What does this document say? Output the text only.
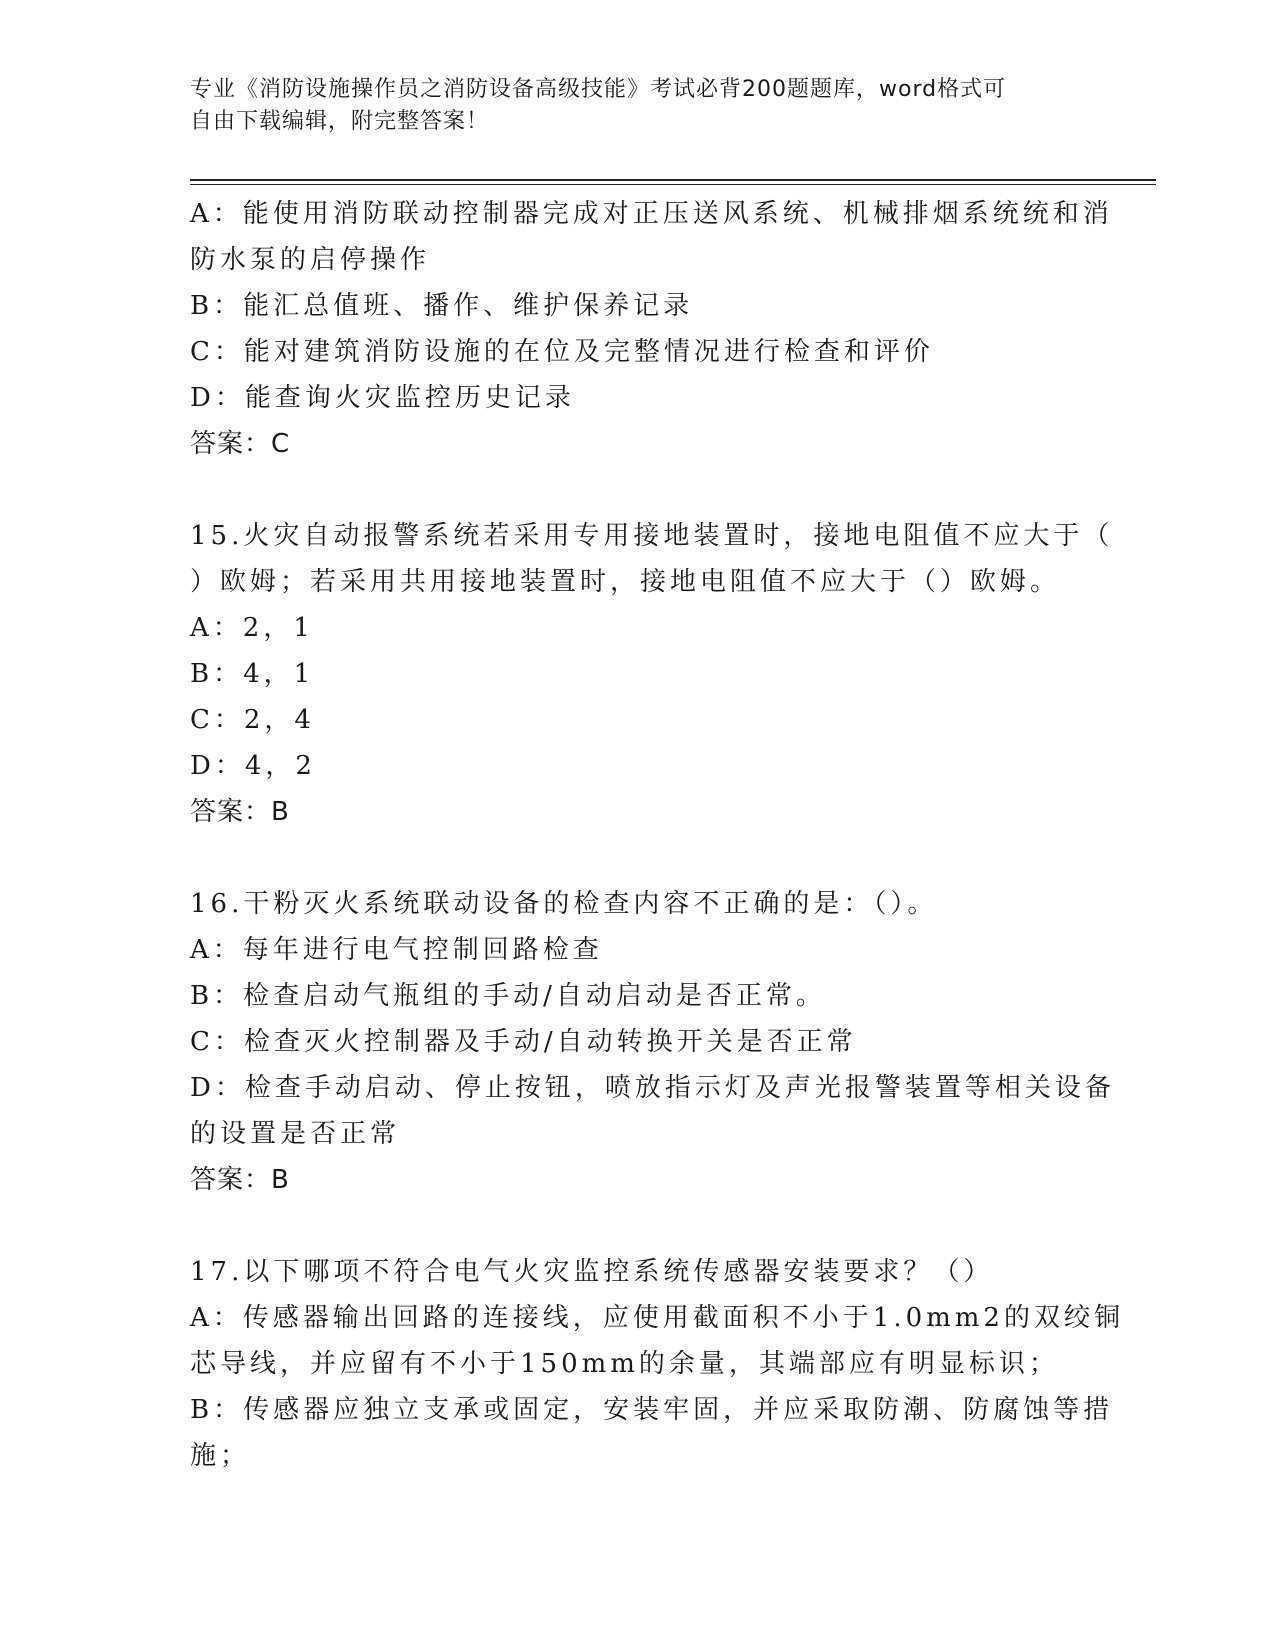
专业《消防设施操作员之消防设备高级技能》考试必背200题题库，word格式可
自由下载编辑，附完整答案！
A：能使用消防联动控制器完成对正压送风系统、机械排烟系统统和消
防水泵的启停操作
B：能汇总值班、播作、维护保养记录
C：能对建筑消防设施的在位及完整情况进行检查和评价
D：能查询火灾监控历史记录
答案：C
15.火灾自动报警系统若采用专用接地装置时，接地电阻值不应大于（
）欧姆；若采用共用接地装置时，接地电阻值不应大于（）欧姆。
A：2，1
B：4，1
C：2，4
D：4，2
答案：B
16.干粉灭火系统联动设备的检查内容不正确的是：（）。
A：每年进行电气控制回路检查
B：检查启动气瓶组的手动/自动启动是否正常。
C：检查灭火控制器及手动/自动转换开关是否正常
D：检查手动启动、停止按钮，喷放指示灯及声光报警装置等相关设备
的设置是否正常
答案：B
17.以下哪项不符合电气火灾监控系统传感器安装要求？（）
A：传感器输出回路的连接线，应使用截面积不小于1.0mm2的双绞铜
芯导线，并应留有不小于150mm的余量，其端部应有明显标识；
B：传感器应独立支承或固定，安装牢固，并应采取防潮、防腐蚀等措
施；
